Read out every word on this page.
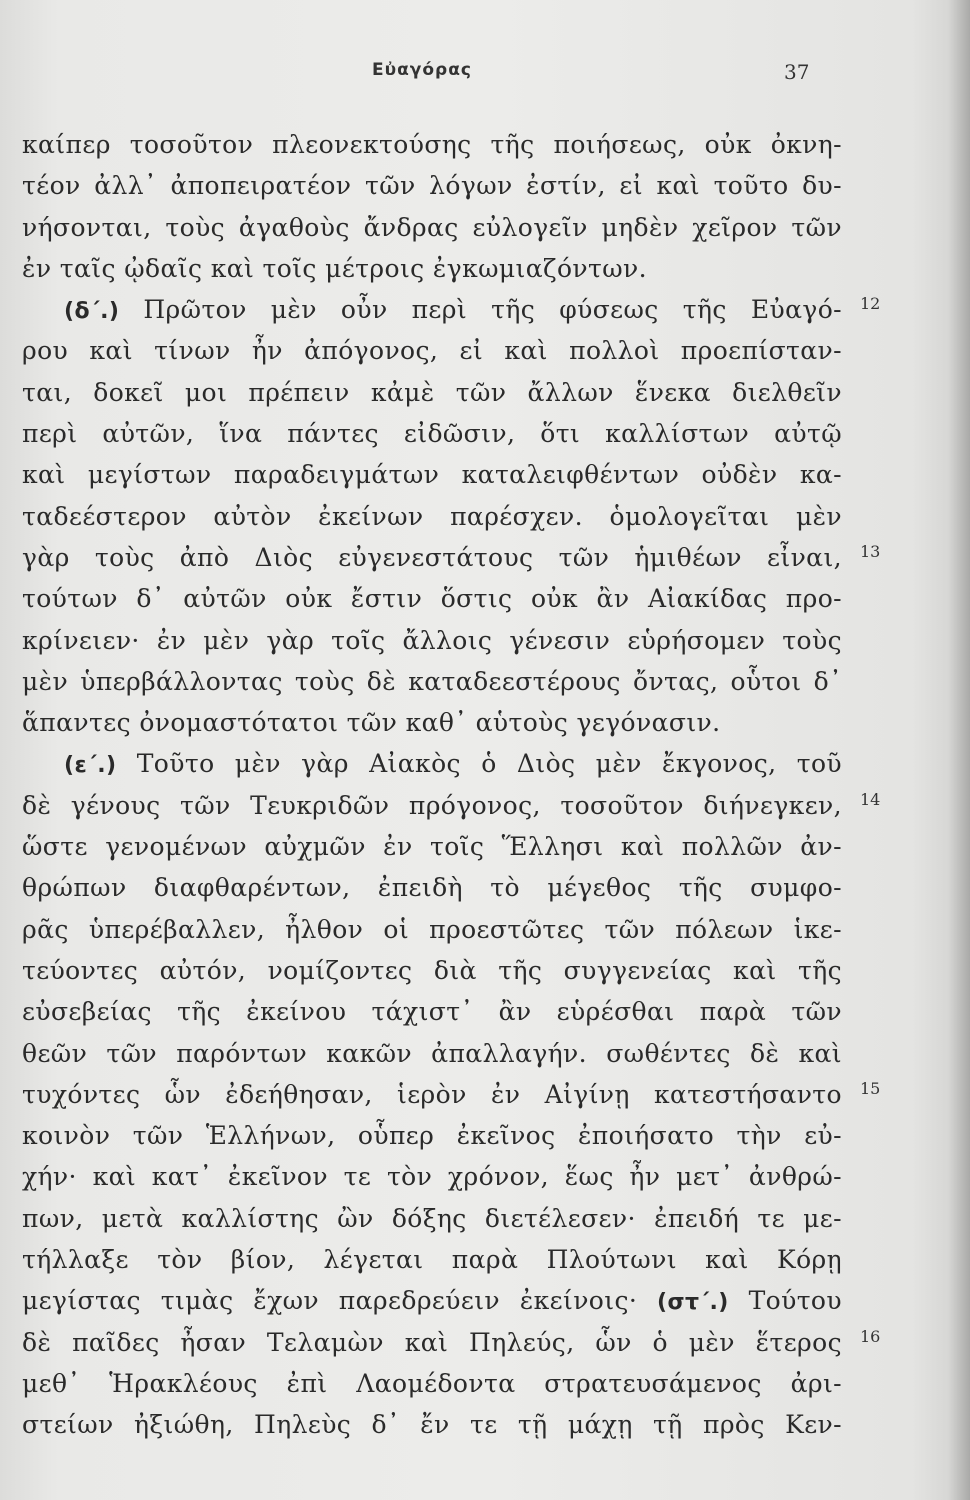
Εὐαγόρας	37
καίπερ τοσοῦτον πλεονεκτούσης τῆς ποιήσεως, οὐκ ὀκνη-
τέον ἀλλ᾽ ἀποπειρατέον τῶν λόγων ἐστίν, εἰ καὶ τοῦτο δυ-
νήσονται, τοὺς ἀγαθοὺς ἄνδρας εὐλογεῖν μηδὲν χεῖρον τῶν
ἐν ταῖς ᾠδαῖς καὶ τοῖς μέτροις ἐγκωμιαζόντων.
(δ΄.) Πρῶτον μὲν οὖν περὶ τῆς φύσεως τῆς Εὐαγό-
ρου καὶ τίνων ἦν ἀπόγονος, εἰ καὶ πολλοὶ προεπίσταν-
ται, δοκεῖ μοι πρέπειν κἀμὲ τῶν ἄλλων ἕνεκα διελθεῖν
περὶ αὐτῶν, ἵνα πάντες εἰδῶσιν, ὅτι καλλίστων αὐτῷ
καὶ μεγίστων παραδειγμάτων καταλειφθέντων οὐδὲν κα-
ταδεέστερον αὐτὸν ἐκείνων παρέσχεν. ὁμολογεῖται μὲν
γὰρ τοὺς ἀπὸ Διὸς εὐγενεστάτους τῶν ἡμιθέων εἶναι,
τούτων δ᾽ αὐτῶν οὐκ ἔστιν ὅστις οὐκ ἂν Αἰακίδας προ-
κρίνειεν· ἐν μὲν γὰρ τοῖς ἄλλοις γένεσιν εὑρήσομεν τοὺς
μὲν ὑπερβάλλοντας τοὺς δὲ καταδεεστέρους ὄντας, οὗτοι δ᾽
ἅπαντες ὀνομαστότατοι τῶν καθ᾽ αὑτοὺς γεγόνασιν.
(ε΄.) Τοῦτο μὲν γὰρ Αἰακὸς ὁ Διὸς μὲν ἔκγονος, τοῦ
δὲ γένους τῶν Τευκριδῶν πρόγονος, τοσοῦτον διήνεγκεν,
ὥστε γενομένων αὐχμῶν ἐν τοῖς Ἕλλησι καὶ πολλῶν ἀν-
θρώπων διαφθαρέντων, ἐπειδὴ τὸ μέγεθος τῆς συμφο-
ρᾶς ὑπερέβαλλεν, ἦλθον οἱ προεστῶτες τῶν πόλεων ἱκε-
τεύοντες αὐτόν, νομίζοντες διὰ τῆς συγγενείας καὶ τῆς
εὐσεβείας τῆς ἐκείνου τάχιστ᾽ ἂν εὑρέσθαι παρὰ τῶν
θεῶν τῶν παρόντων κακῶν ἀπαλλαγήν. σωθέντες δὲ καὶ
τυχόντες ὧν ἐδεήθησαν, ἱερὸν ἐν Αἰγίνῃ κατεστήσαντο
κοινὸν τῶν Ἑλλήνων, οὗπερ ἐκεῖνος ἐποιήσατο τὴν εὐ-
χήν· καὶ κατ᾽ ἐκεῖνον τε τὸν χρόνον, ἕως ἦν μετ᾽ ἀνθρώ-
πων, μετὰ καλλίστης ὢν δόξης διετέλεσεν· ἐπειδή τε με-
τήλλαξε τὸν βίον, λέγεται παρὰ Πλούτωνι καὶ Κόρῃ
μεγίστας τιμὰς ἔχων παρεδρεύειν ἐκείνοις· (στ΄.) Τούτου
δὲ παῖδες ἦσαν Τελαμὼν καὶ Πηλεύς, ὧν ὁ μὲν ἕτερος
μεθ᾽ Ἡρακλέους ἐπὶ Λαομέδοντα στρατευσάμενος ἀρι-
στείων ἠξιώθη, Πηλεὺς δ᾽ ἔν τε τῇ μάχῃ τῇ πρὸς Κεν-
12
13
14
15
16
